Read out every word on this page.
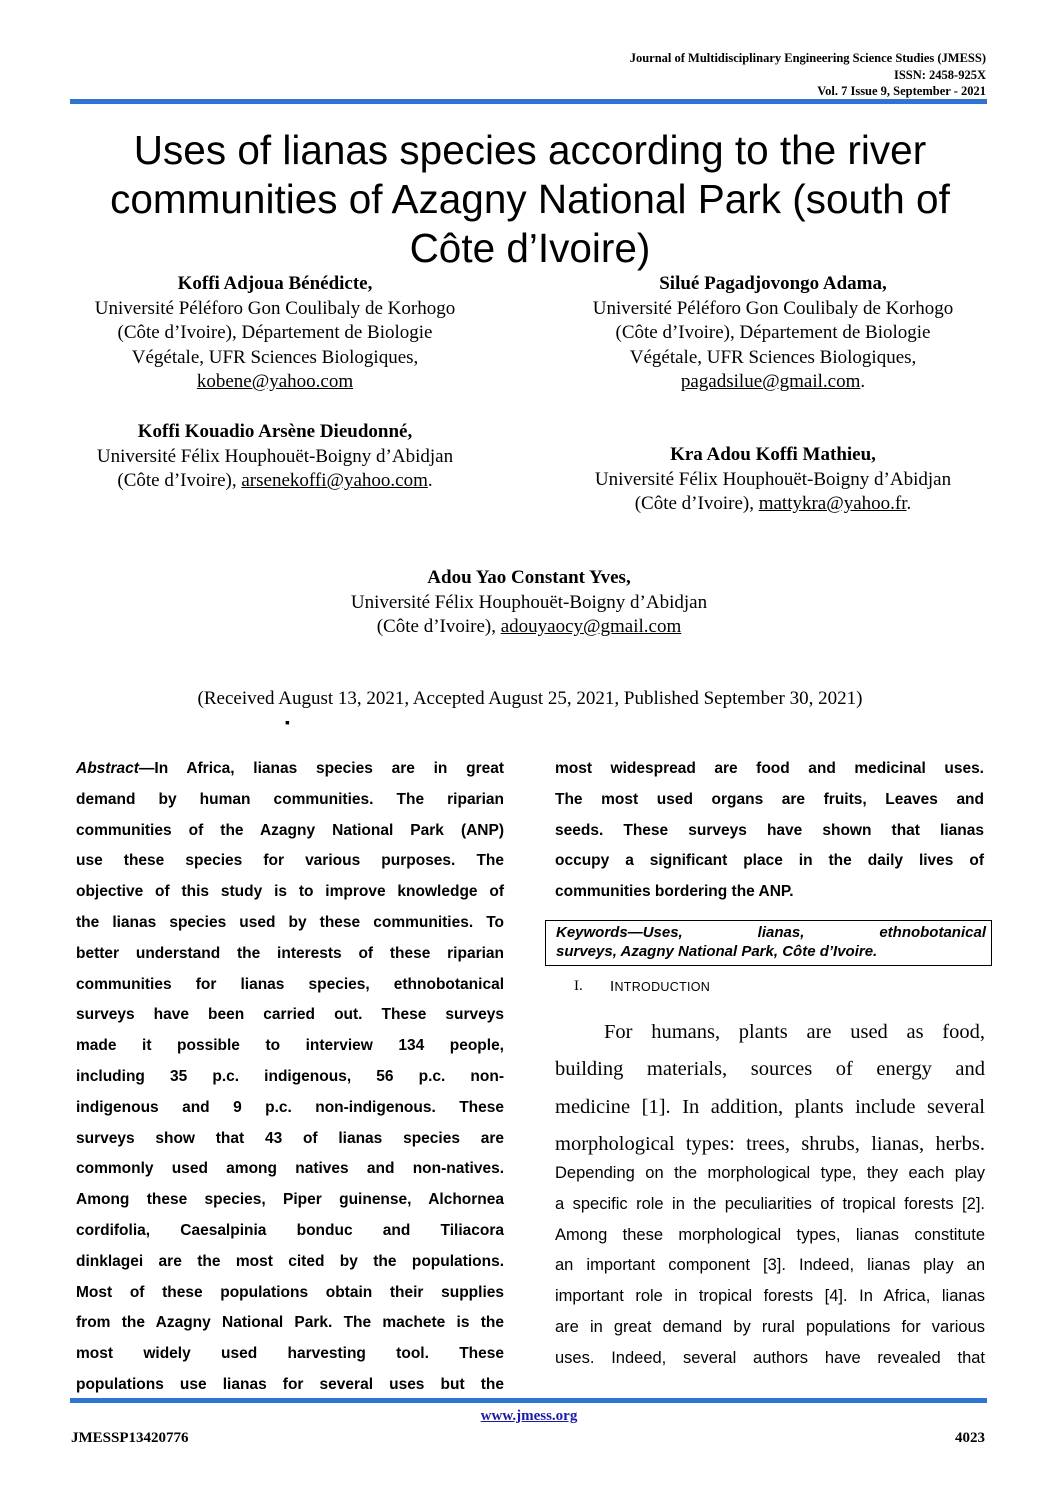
Journal of Multidisciplinary Engineering Science Studies (JMESS)
ISSN: 2458-925X
Vol. 7 Issue 9, September - 2021
Uses of lianas species according to the river
communities of Azagny National Park (south of
Côte d’Ivoire)
Koffi Adjoua Bénédicte,
Université Péléforo Gon Coulibaly de Korhogo
(Côte d’Ivoire), Département de Biologie
Végétale, UFR Sciences Biologiques,
kobene@yahoo.com
Silué Pagadjovongo Adama,
Université Péléforo Gon Coulibaly de Korhogo
(Côte d’Ivoire), Département de Biologie
Végétale, UFR Sciences Biologiques,
pagadsilue@gmail.com.
Koffi Kouadio Arsène Dieudonné,
Université Félix Houphouët-Boigny d’Abidjan
(Côte d’Ivoire), arsenekoffi@yahoo.com.
Kra Adou Koffi Mathieu,
Université Félix Houphouët-Boigny d’Abidjan
(Côte d’Ivoire), mattykra@yahoo.fr.
Adou Yao Constant Yves,
Université Félix Houphouët-Boigny d’Abidjan
(Côte d’Ivoire), adouyaocy@gmail.com
(Received August 13, 2021, Accepted August 25, 2021, Published September 30, 2021)
▪
Abstract—In Africa, lianas species are in great
demand by human communities. The riparian
communities of the Azagny National Park (ANP)
use these species for various purposes. The
objective of this study is to improve knowledge of
the lianas species used by these communities. To
better understand the interests of these riparian
communities for lianas species, ethnobotanical
surveys have been carried out. These surveys
made it possible to interview 134 people,
including 35 p.c. indigenous, 56 p.c. non-
indigenous and 9 p.c. non-indigenous. These
surveys show that 43 of lianas species are
commonly used among natives and non-natives.
Among these species, Piper guinense, Alchornea
cordifolia, Caesalpinia bonduc and Tiliacora
dinklagei are the most cited by the populations.
Most of these populations obtain their supplies
from the Azagny National Park. The machete is the
most widely used harvesting tool. These
populations use lianas for several uses but the
most widespread are food and medicinal uses.
The most used organs are fruits, Leaves and
seeds. These surveys have shown that lianas
occupy a significant place in the daily lives of
communities bordering the ANP.
Keywords—Uses, lianas, ethnobotanical
surveys, Azagny National Park, Côte d’Ivoire.
I. INTRODUCTION
For humans, plants are used as food,
building materials, sources of energy and
medicine [1]. In addition, plants include several
morphological types: trees, shrubs, lianas, herbs.
Depending on the morphological type, they each play
a specific role in the peculiarities of tropical forests [2].
Among these morphological types, lianas constitute
an important component [3]. Indeed, lianas play an
important role in tropical forests [4]. In Africa, lianas
are in great demand by rural populations for various
uses. Indeed, several authors have revealed that
www.jmess.org
JMESSP13420776	4023
